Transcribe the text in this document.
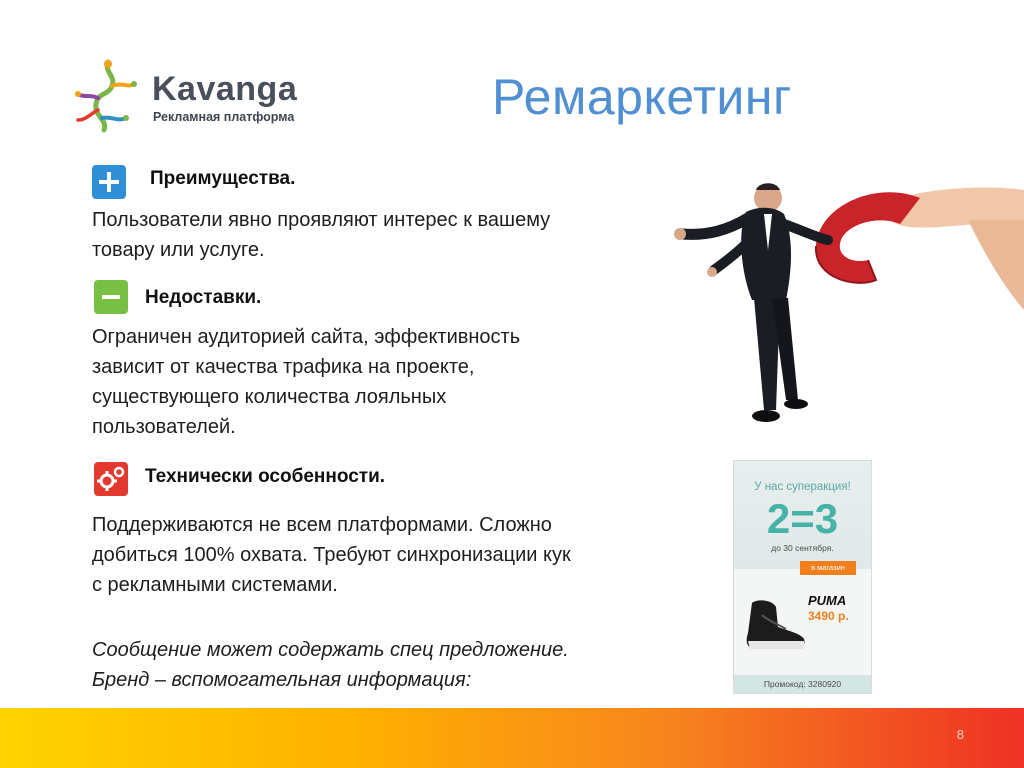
Kavanga
Рекламная платформа	Ремаркетинг
Преимущества.
Пользователи явно проявляют интерес к вашему
товару или услуге.
Недоставки.
Ограничен аудиторией сайта, эффективность
зависит от качества трафика на проекте,
существующего количества лояльных
пользователей.
Технически особенности.
Поддерживаются не всем платформами. Сложно
добиться 100% охвата. Требуют синхронизации кук
с рекламными системами.
Сообщение может содержать спец предложение.
Бренд – вспомогательная информация:
У нас суперакция!
2=3
до 30 сентября.
в магазин
PUMA
3490 р.
Промокод: 3280920
8
